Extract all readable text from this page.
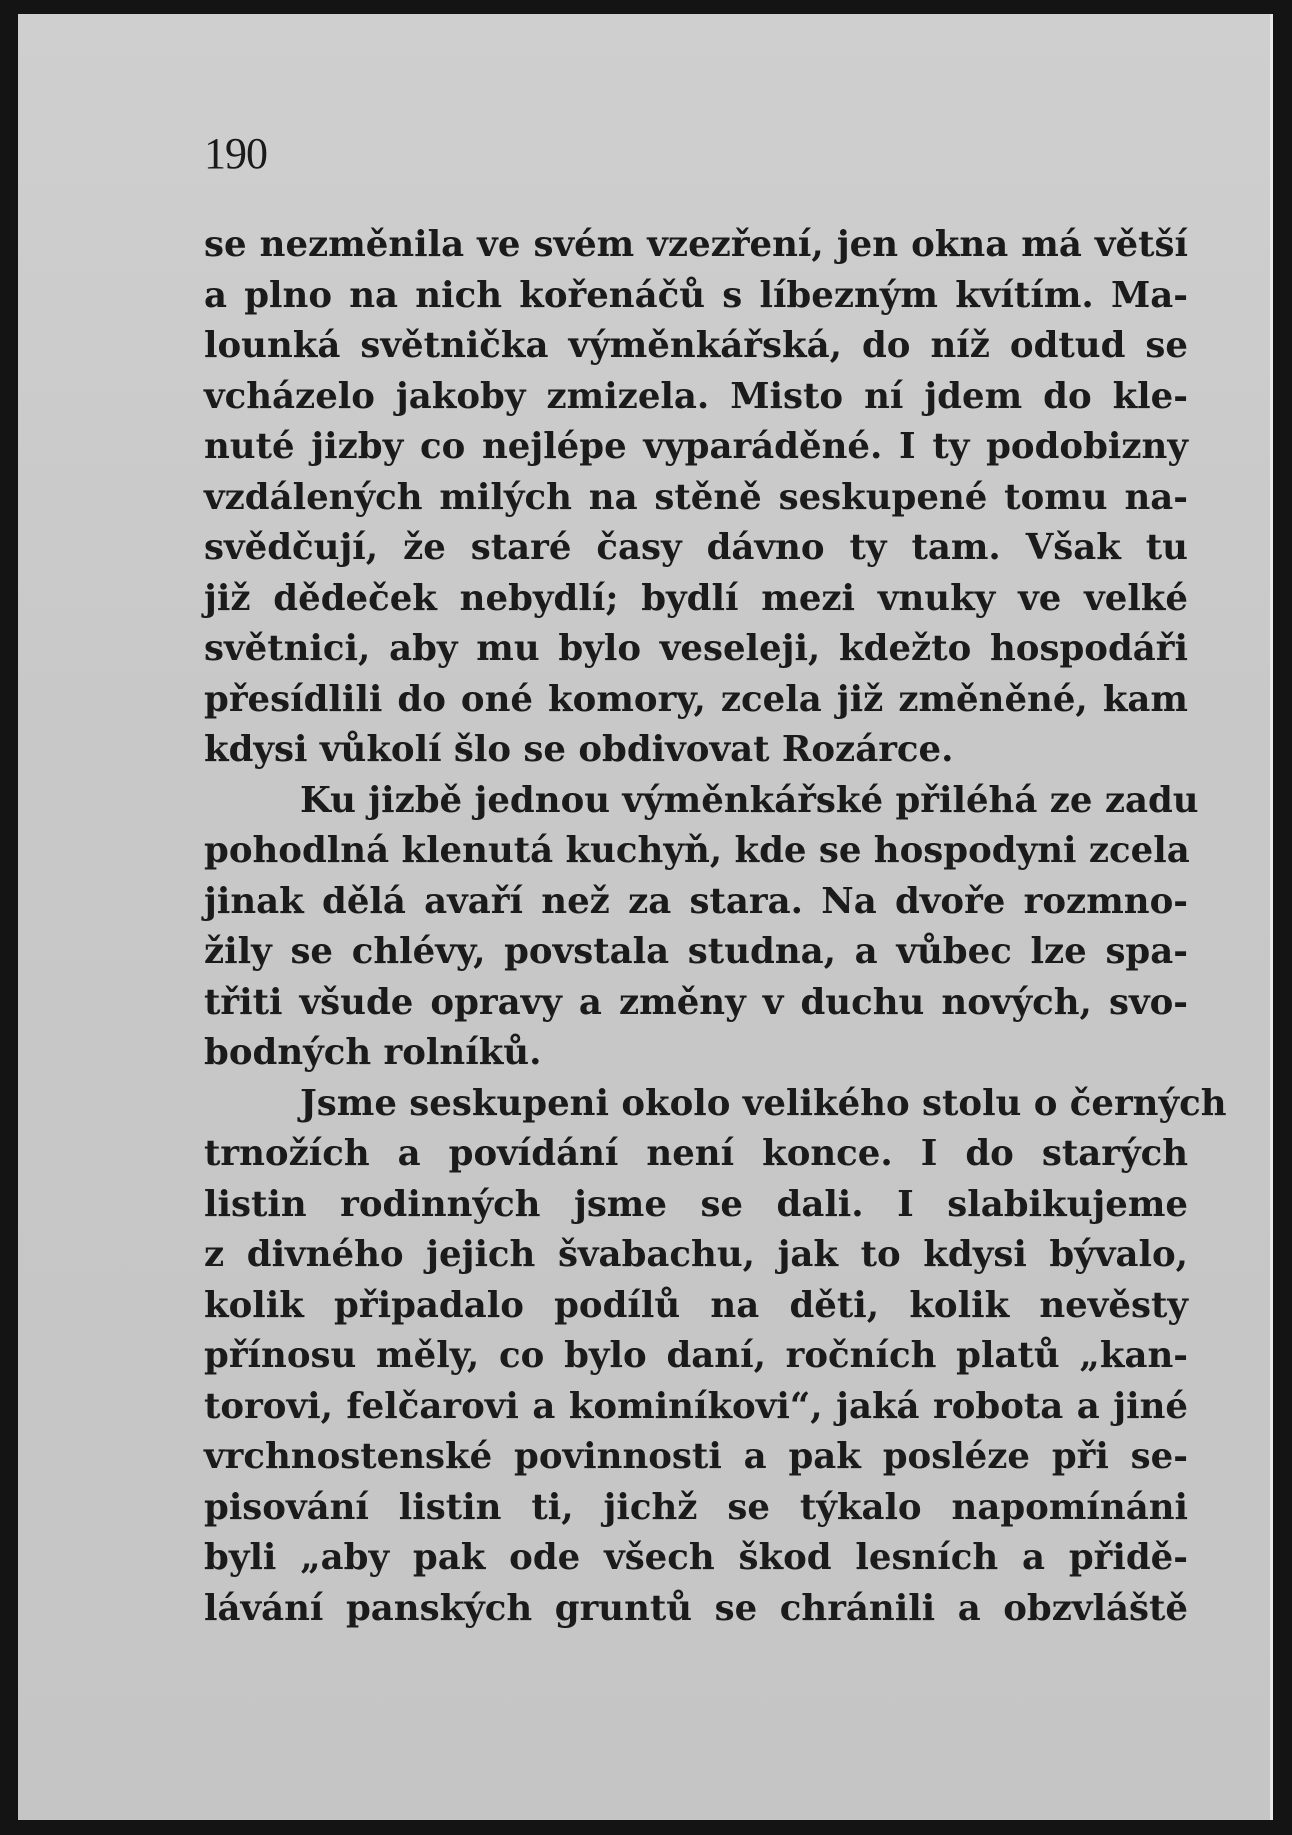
190
se nezměnila ve svém vzezření, jen okna má větší
a plno na nich kořenáčů s líbezným kvítím. Ma-
lounká světnička výměnkářská, do níž odtud se
vcházelo jakoby zmizela. Misto ní jdem do kle-
nuté jizby co nejlépe vyparáděné. I ty podobizny
vzdálených milých na stěně seskupené tomu na-
svědčují, že staré časy dávno ty tam. Však tu
již dědeček nebydlí; bydlí mezi vnuky ve velké
světnici, aby mu bylo veseleji, kdežto hospodáři
přesídlili do oné komory, zcela již změněné, kam
kdysi vůkolí šlo se obdivovat Rozárce.
Ku jizbě jednou výměnkářské přiléhá ze zadu
pohodlná klenutá kuchyň, kde se hospodyni zcela
jinak dělá avaří než za stara. Na dvoře rozmno-
žily se chlévy, povstala studna, a vůbec lze spa-
třiti všude opravy a změny v duchu nových, svo-
bodných rolníků.
Jsme seskupeni okolo velikého stolu o černých
trnožích a povídání není konce. I do starých
listin rodinných jsme se dali. I slabikujeme
z divného jejich švabachu, jak to kdysi bývalo,
kolik připadalo podílů na děti, kolik nevěsty
přínosu měly, co bylo daní, ročních platů „kan-
torovi, felčarovi a kominíkovi“, jaká robota a jiné
vrchnostenské povinnosti a pak posléze při se-
pisování listin ti, jichž se týkalo napomínáni
byli „aby pak ode všech škod lesních a přidě-
lávání panských gruntů se chránili a obzvláště
